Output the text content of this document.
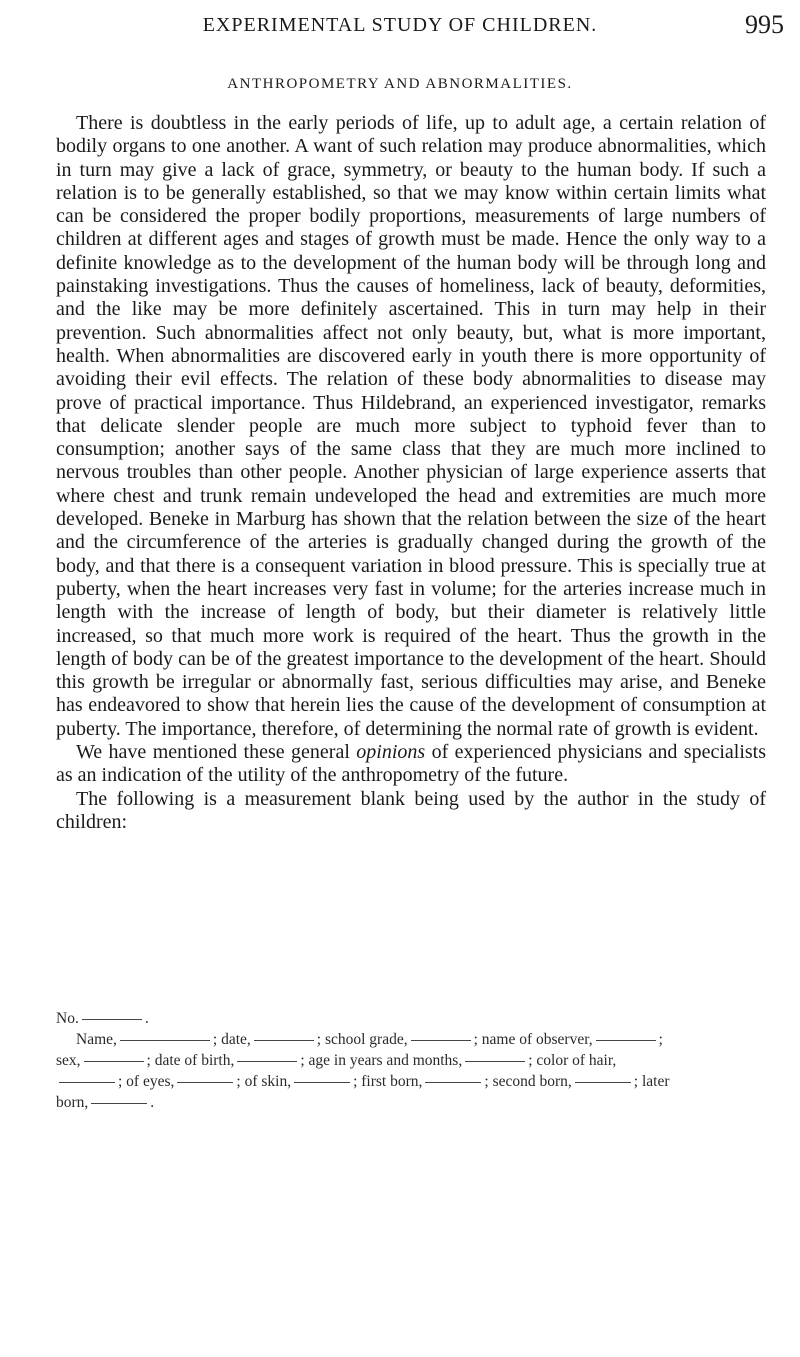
EXPERIMENTAL STUDY OF CHILDREN.	995
ANTHROPOMETRY AND ABNORMALITIES.

There is doubtless in the early periods of life, up to adult age, a certain relation of bodily organs to one another. A want of such relation may produce abnormalities, which in turn may give a lack of grace, symmetry, or beauty to the human body. If such a relation is to be generally established, so that we may know within certain limits what can be considered the proper bodily proportions, measurements of large numbers of children at different ages and stages of growth must be made. Hence the only way to a definite knowledge as to the development of the human body will be through long and painstaking investigations. Thus the causes of homeliness, lack of beauty, deformities, and the like may be more definitely ascertained. This in turn may help in their prevention. Such abnormalities affect not only beauty, but, what is more important, health. When abnormalities are discovered early in youth there is more opportunity of avoiding their evil effects. The relation of these body abnormalities to disease may prove of practical importance. Thus Hildebrand, an experienced investigator, remarks that delicate slender people are much more subject to typhoid fever than to consumption; another says of the same class that they are much more inclined to nervous troubles than other people. Another physician of large experience asserts that where chest and trunk remain undeveloped the head and extremities are much more developed. Beneke in Marburg has shown that the relation between the size of the heart and the circumference of the arteries is gradually changed during the growth of the body, and that there is a consequent variation in blood pressure. This is specially true at puberty, when the heart increases very fast in volume; for the arteries increase much in length with the increase of length of body, but their diameter is relatively little increased, so that much more work is required of the heart. Thus the growth in the length of body can be of the greatest importance to the development of the heart. Should this growth be irregular or abnormally fast, serious difficulties may arise, and Beneke has endeavored to show that herein lies the cause of the development of consumption at puberty. The importance, therefore, of determining the normal rate of growth is evident.

We have mentioned these general opinions of experienced physicians and specialists as an indication of the utility of the anthropometry of the future.

The following is a measurement blank being used by the author in the study of children:

No.	.
Name,	; date,	; school grade,	; name of observer,	;
sex,	; date of birth,	; age in years and months,	; color of hair,
; of eyes,	; of skin,	; first born,	; second born,	; later
born,	.
